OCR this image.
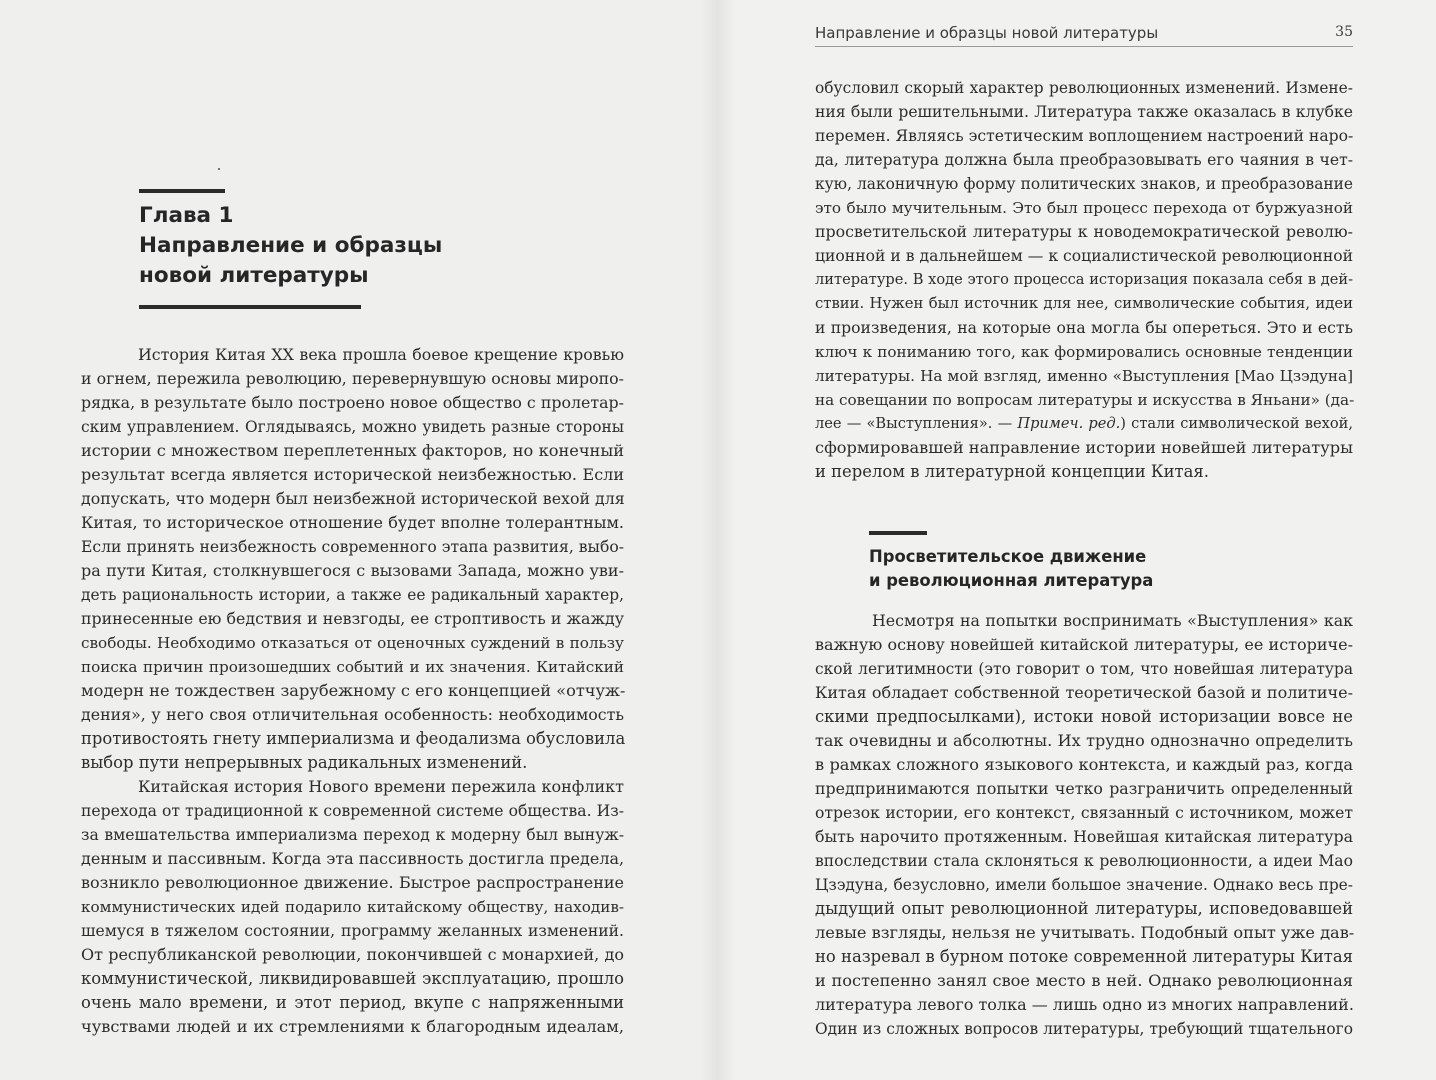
Глава 1
Направление и образцы
новой литературы
История Китая XX века прошла боевое крещение кровью
и огнем, пережила революцию, перевернувшую основы миропо-
рядка, в результате было построено новое общество с пролетар-
ским управлением. Оглядываясь, можно увидеть разные стороны
истории с множеством переплетенных факторов, но конечный
результат всегда является исторической неизбежностью. Если
допускать, что модерн был неизбежной исторической вехой для
Китая, то историческое отношение будет вполне толерантным.
Если принять неизбежность современного этапа развития, выбо-
ра пути Китая, столкнувшегося с вызовами Запада, можно уви-
деть рациональность истории, а также ее радикальный характер,
принесенные ею бедствия и невзгоды, ее строптивость и жажду
свободы. Необходимо отказаться от оценочных суждений в пользу
поиска причин произошедших событий и их значения. Китайский
модерн не тождествен зарубежному с его концепцией «отчуж-
дения», у него своя отличительная особенность: необходимость
противостоять гнету империализма и феодализма обусловила
выбор пути непрерывных радикальных изменений.
Китайская история Нового времени пережила конфликт
перехода от традиционной к современной системе общества. Из-
за вмешательства империализма переход к модерну был вынуж-
денным и пассивным. Когда эта пассивность достигла предела,
возникло революционное движение. Быстрое распространение
коммунистических идей подарило китайскому обществу, находив-
шемуся в тяжелом состоянии, программу желанных изменений.
От республиканской революции, покончившей с монархией, до
коммунистической, ликвидировавшей эксплуатацию, прошло
очень мало времени, и этот период, вкупе с напряженными
чувствами людей и их стремлениями к благородным идеалам,
Направление и образцы новой литературы	35
обусловил скорый характер революционных изменений. Измене-
ния были решительными. Литература также оказалась в клубке
перемен. Являясь эстетическим воплощением настроений наро-
да, литература должна была преобразовывать его чаяния в чет-
кую, лаконичную форму политических знаков, и преобразование
это было мучительным. Это был процесс перехода от буржуазной
просветительской литературы к новодемократической револю-
ционной и в дальнейшем — к социалистической революционной
литературе. В ходе этого процесса историзация показала себя в дей-
ствии. Нужен был источник для нее, символические события, идеи
и произведения, на которые она могла бы опереться. Это и есть
ключ к пониманию того, как формировались основные тенденции
литературы. На мой взгляд, именно «Выступления [Мао Цзэдуна]
на совещании по вопросам литературы и искусства в Яньани» (да-
лее — «Выступления». — Примеч. ред.) стали символической вехой,
сформировавшей направление истории новейшей литературы
и перелом в литературной концепции Китая.
Просветительское движение
и революционная литература
Несмотря на попытки воспринимать «Выступления» как
важную основу новейшей китайской литературы, ее историче-
ской легитимности (это говорит о том, что новейшая литература
Китая обладает собственной теоретической базой и политиче-
скими предпосылками), истоки новой историзации вовсе не
так очевидны и абсолютны. Их трудно однозначно определить
в рамках сложного языкового контекста, и каждый раз, когда
предпринимаются попытки четко разграничить определенный
отрезок истории, его контекст, связанный с источником, может
быть нарочито протяженным. Новейшая китайская литература
впоследствии стала склоняться к революционности, а идеи Мао
Цзэдуна, безусловно, имели большое значение. Однако весь пре-
дыдущий опыт революционной литературы, исповедовавшей
левые взгляды, нельзя не учитывать. Подобный опыт уже дав-
но назревал в бурном потоке современной литературы Китая
и постепенно занял свое место в ней. Однако революционная
литература левого толка — лишь одно из многих направлений.
Один из сложных вопросов литературы, требующий тщательного
